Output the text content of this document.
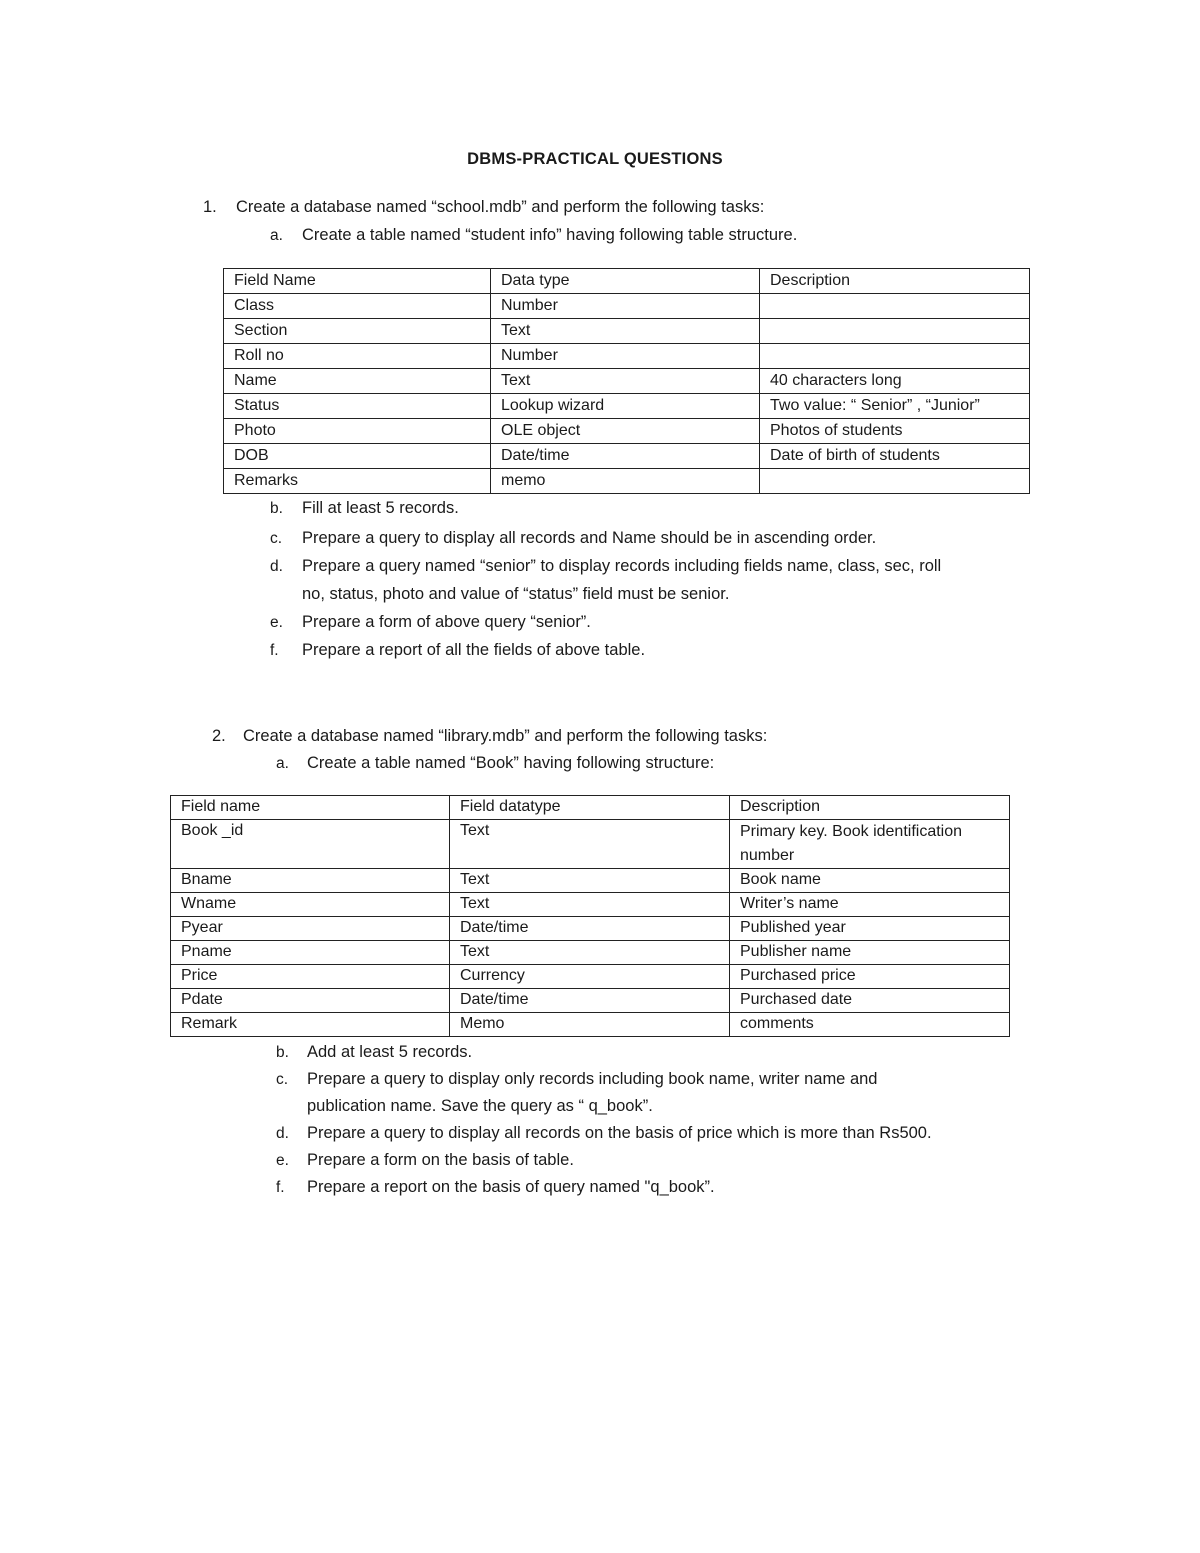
DBMS-PRACTICAL QUESTIONS
1. Create a database named “school.mdb” and perform the following tasks:
a. Create a table named “student info” having following table structure.
Field Name	Data type	Description
Class	Number	
Section	Text	
Roll no	Number	
Name	Text	40 characters long
Status	Lookup wizard	Two value: “ Senior” , “Junior”
Photo	OLE object	Photos of students
DOB	Date/time	Date of birth of students
Remarks	memo	
b. Fill at least 5 records.
c. Prepare a query to display all records and Name should be in ascending order.
d. Prepare a query named “senior” to display records including fields name, class, sec, roll
no, status, photo and value of “status” field must be senior.
e. Prepare a form of above query “senior”.
f. Prepare a report of all the fields of above table.
2. Create a database named “library.mdb” and perform the following tasks:
a. Create a table named “Book” having following structure:
Field name	Field datatype	Description
Book _id	Text	Primary key. Book identification number
Bname	Text	Book name
Wname	Text	Writer’s name
Pyear	Date/time	Published year
Pname	Text	Publisher name
Price	Currency	Purchased price
Pdate	Date/time	Purchased date
Remark	Memo	comments
b. Add at least 5 records.
c. Prepare a query to display only records including book name, writer name and
publication name. Save the query as “ q_book”.
d. Prepare a query to display all records on the basis of price which is more than Rs500.
e. Prepare a form on the basis of table.
f. Prepare a report on the basis of query named "q_book”.
